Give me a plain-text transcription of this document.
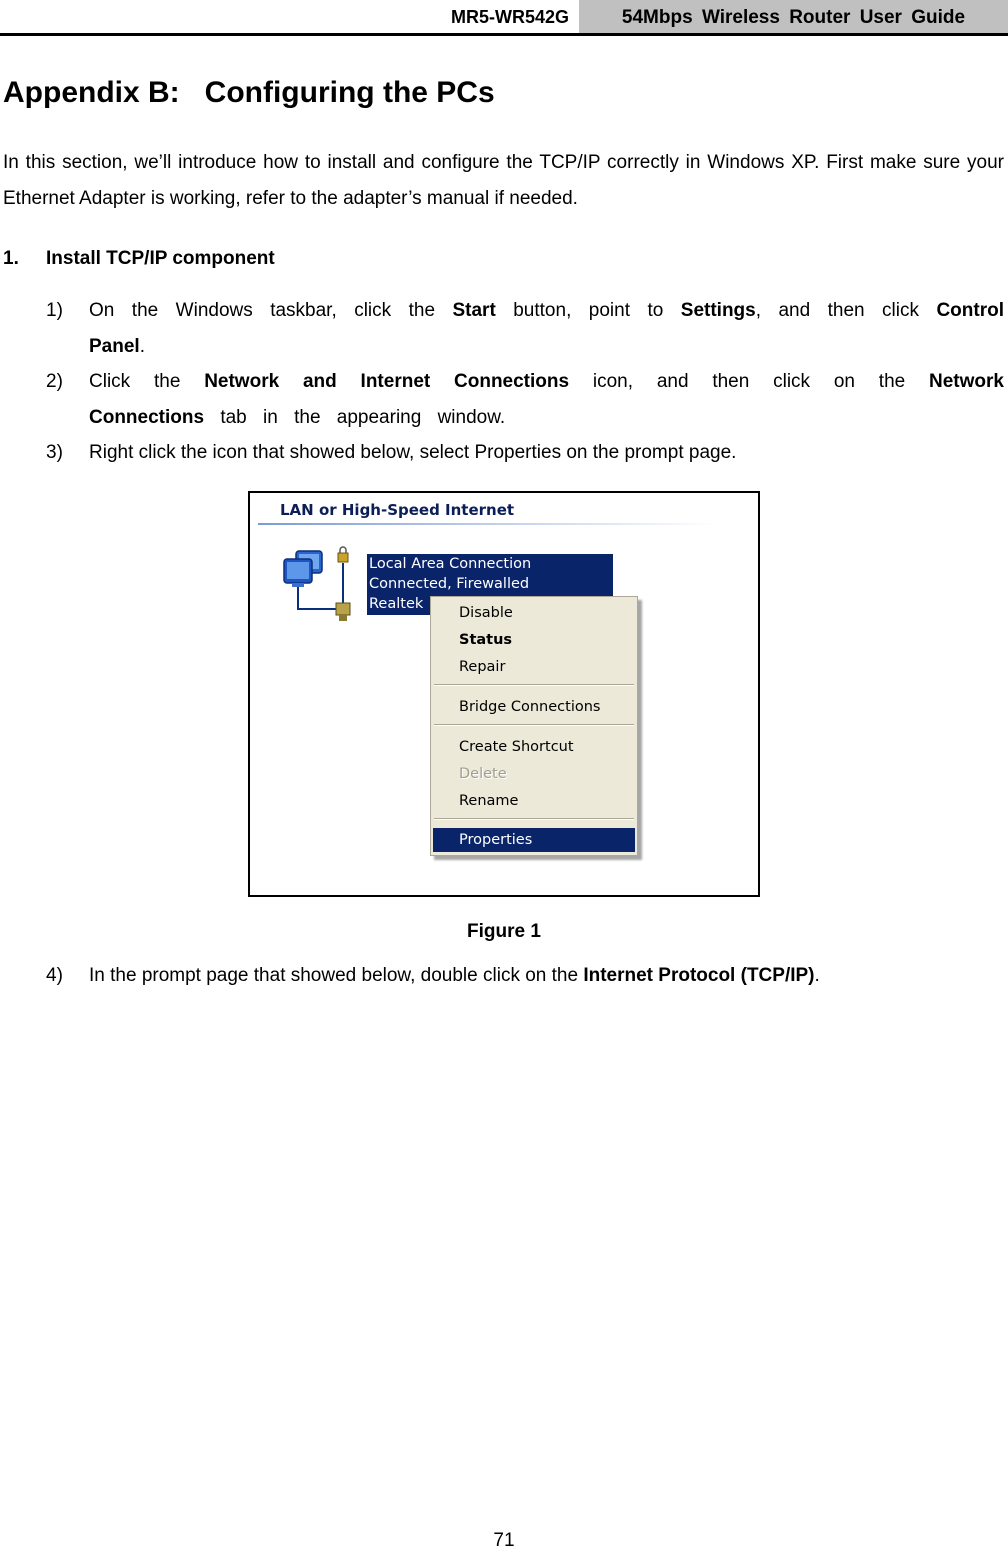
MR5-WR542G	54Mbps Wireless Router User Guide
Appendix B:   Configuring the PCs

In this section, we’ll introduce how to install and configure the TCP/IP correctly in Windows XP. First make sure your Ethernet Adapter is working, refer to the adapter’s manual if needed.

1. Install TCP/IP component
1) On the Windows taskbar, click the Start button, point to Settings, and then click Control Panel.

2) Click the Network and Internet Connections icon, and then click on the Network Connections tab in the appearing window.

3) Right click the icon that showed below, select Properties on the prompt page.

LAN or High-Speed Internet
Local Area Connection
Connected, Firewalled
Realtek
Disable
Status
Repair
Bridge Connections
Create Shortcut
Delete
Rename
Properties
Figure 1
4) In the prompt page that showed below, double click on the Internet Protocol (TCP/IP).

71
